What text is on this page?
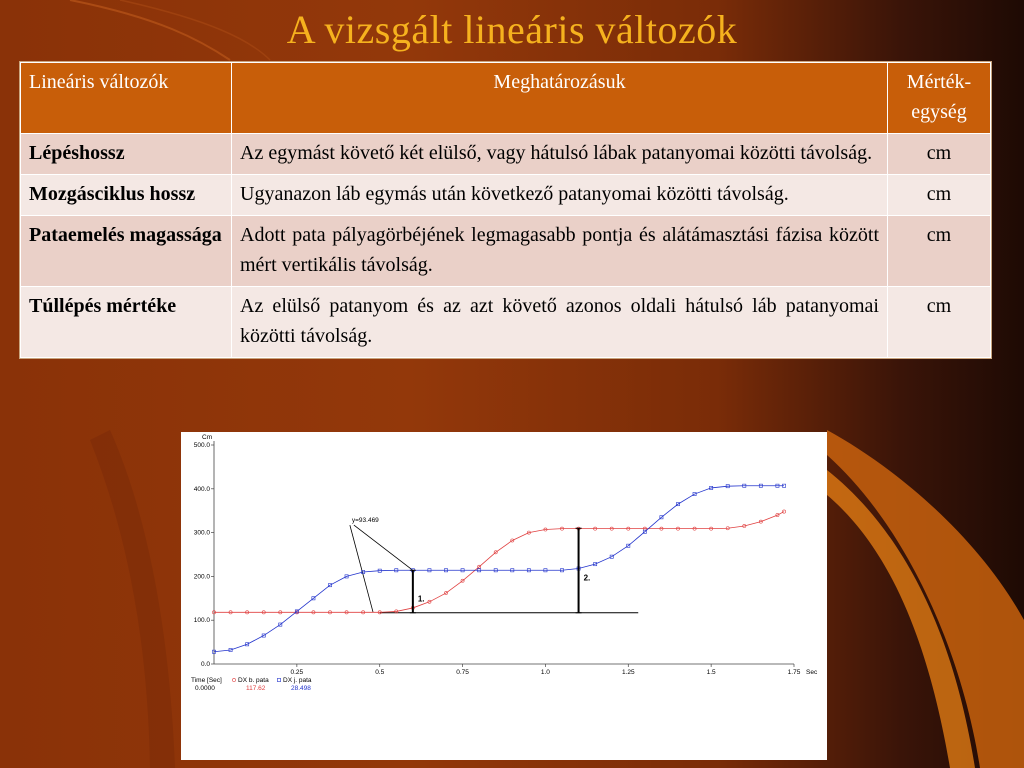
A vizsgált lineáris változók
Lineáris változók	Meghatározásuk	Mérték-egység
Lépéshossz	Az egymást követő két elülső, vagy hátulsó lábak patanyomai közötti távolság.	cm
Mozgásciklus hossz	Ugyanazon láb egymás után következő patanyomai közötti távolság.	cm
Pataemelés magassága	Adott pata pályagörbéjének legmagasabb pontja és alátámasztási fázisa között mért vertikális távolság.	cm
Túllépés mértéke	Az elülső patanyom és az azt követő azonos oldali hátulsó láb patanyomai közötti távolság.	cm
Cm
0.0
100.0
200.0
300.0
400.0
500.0
0.25	0.5	0.75	1.0	1.25	1.5	1.75 Sec
y=93.469
1.
2.
Time [Sec]
0.0000
DX b. pata
117.62
DX j. pata
28.498
